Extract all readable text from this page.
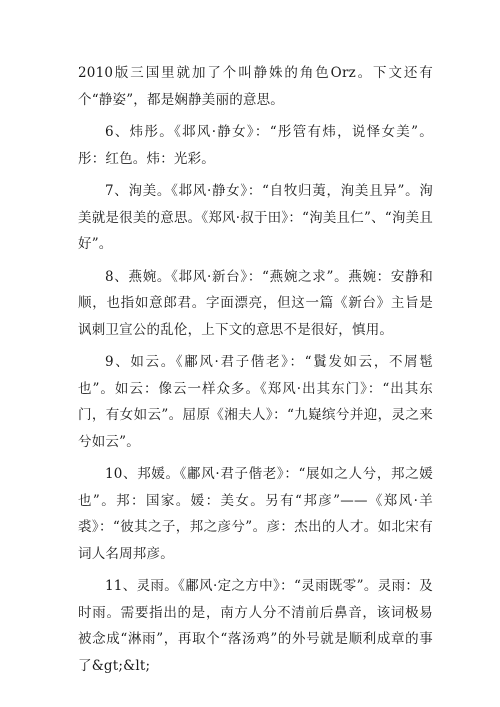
2010版三国里就加了个叫静姝的角色Orz。下文还有个“静姿”，都是娴静美丽的意思。

6、炜彤。《邶风·静女》：“彤管有炜，说怿女美”。彤：红色。炜：光彩。

7、洵美。《邶风·静女》：“自牧归荑，洵美且异”。洵美就是很美的意思。《郑风·叔于田》：“洵美且仁”、“洵美且好”。

8、燕婉。《邶风·新台》：“燕婉之求”。燕婉：安静和顺，也指如意郎君。字面漂亮，但这一篇《新台》主旨是讽刺卫宣公的乱伦，上下文的意思不是很好，慎用。

9、如云。《鄘风·君子偕老》：“鬒发如云，不屑髢也”。如云：像云一样众多。《郑风·出其东门》：“出其东门，有女如云”。屈原《湘夫人》：“九嶷缤兮并迎，灵之来兮如云”。

10、邦媛。《鄘风·君子偕老》：“展如之人兮，邦之媛也”。邦：国家。媛：美女。另有“邦彦”——《郑风·羊裘》：“彼其之子，邦之彦兮”。彦：杰出的人才。如北宋有词人名周邦彦。

11、灵雨。《鄘风·定之方中》：“灵雨既零”。灵雨：及时雨。需要指出的是，南方人分不清前后鼻音，该词极易被念成“淋雨”，再取个“落汤鸡”的外号就是顺利成章的事了&gt;&lt;
